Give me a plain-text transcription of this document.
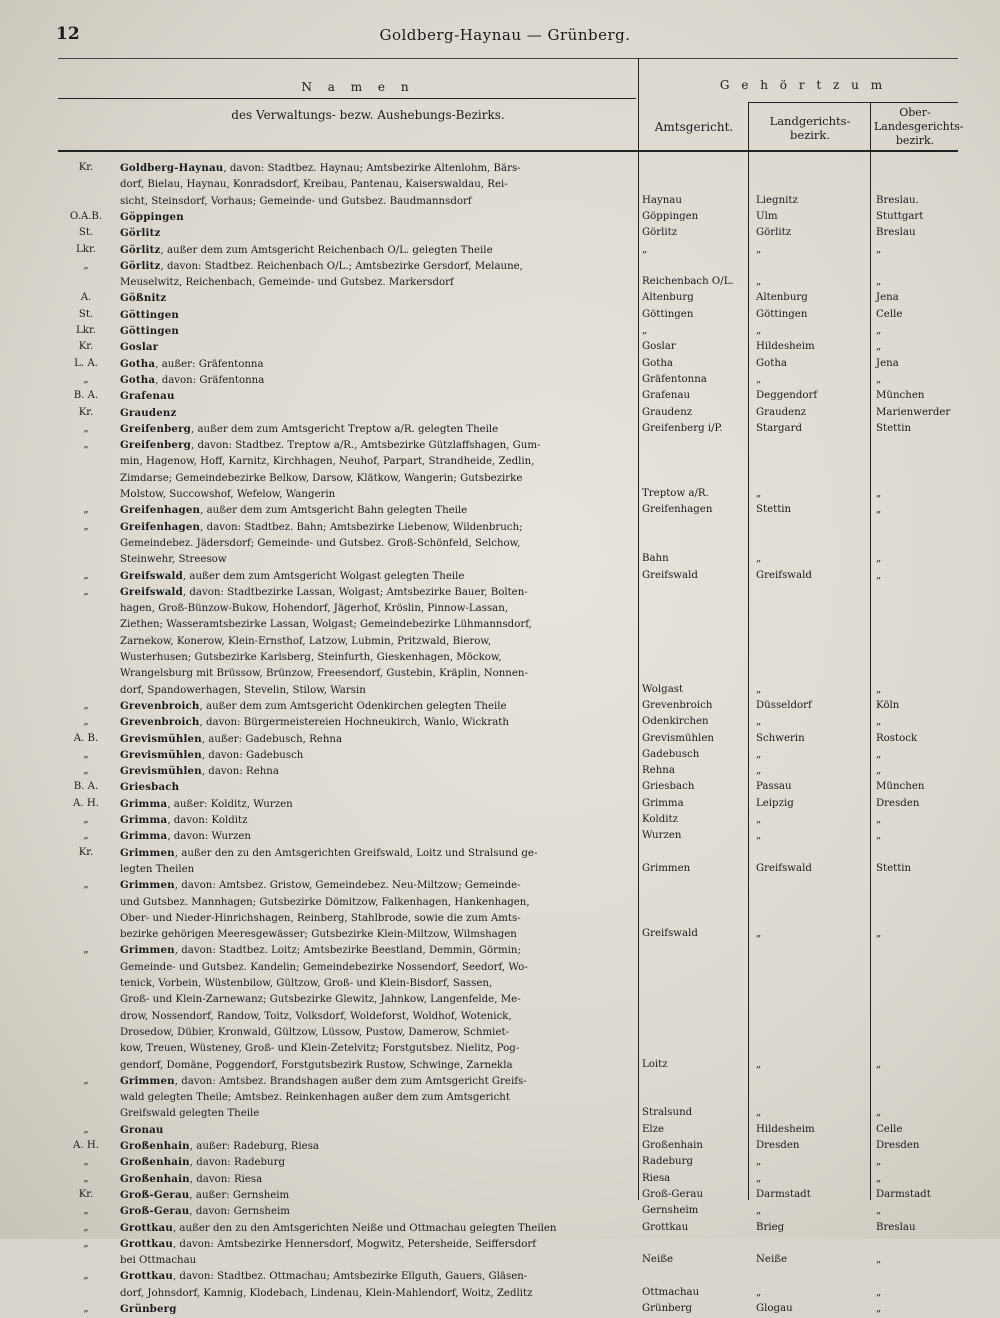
12	Goldberg-Haynau — Grünberg.
N a m e n
des Verwaltungs- bezw. Aushebungs-Bezirks.
G e h ö r t z u m
Amtsgericht.	Landgerichts-bezirk.
Ober-Landesgerichts-bezirk.
Kr.	Goldberg-Haynau, davon: Stadtbez. Haynau; Amtsbezirke Altenlohm, Bärs-
dorf, Bielau, Haynau, Konradsdorf, Kreibau, Pantenau, Kaiserswaldau, Rei-
sicht, Steinsdorf, Vorhaus; Gemeinde- und Gutsbez. Baudmannsdorf	Haynau	Liegnitz	Breslau.
O.A.B.	Göppingen	Göppingen	Ulm	Stuttgart
St.	Görlitz	Görlitz	Görlitz	Breslau
Lkr.	Görlitz, außer dem zum Amtsgericht Reichenbach O/L. gelegten Theile	„	„	„
„	Görlitz, davon: Stadtbez. Reichenbach O/L.; Amtsbezirke Gersdorf, Melaune,
Meuselwitz, Reichenbach, Gemeinde- und Gutsbez. Markersdorf	Reichenbach O/L.	„	„
A.	Gößnitz	Altenburg	Altenburg	Jena
St.	Göttingen	Göttingen	Göttingen	Celle
Lkr.	Göttingen	„	„	„
Kr.	Goslar	Goslar	Hildesheim	„
L. A.	Gotha, außer: Gräfentonna	Gotha	Gotha	Jena
„	Gotha, davon: Gräfentonna	Gräfentonna	„	„
B. A.	Grafenau	Grafenau	Deggendorf	München
Kr.	Graudenz	Graudenz	Graudenz	Marienwerder
„	Greifenberg, außer dem zum Amtsgericht Treptow a/R. gelegten Theile	Greifenberg i/P.	Stargard	Stettin
„	Greifenberg, davon: Stadtbez. Treptow a/R., Amtsbezirke Gützlaffshagen, Gum-
min, Hagenow, Hoff, Karnitz, Kirchhagen, Neuhof, Parpart, Strandheide, Zedlin,
Zimdarse; Gemeindebezirke Belkow, Darsow, Klätkow, Wangerin; Gutsbezirke
Molstow, Succowshof, Wefelow, Wangerin	Treptow a/R.	„	„
„	Greifenhagen, außer dem zum Amtsgericht Bahn gelegten Theile	Greifenhagen	Stettin	„
„	Greifenhagen, davon: Stadtbez. Bahn; Amtsbezirke Liebenow, Wildenbruch;
Gemeindebez. Jädersdorf; Gemeinde- und Gutsbez. Groß-Schönfeld, Selchow,
Steinwehr, Streesow	Bahn	„	„
„	Greifswald, außer dem zum Amtsgericht Wolgast gelegten Theile	Greifswald	Greifswald	„
„	Greifswald, davon: Stadtbezirke Lassan, Wolgast; Amtsbezirke Bauer, Bolten-
hagen, Groß-Bünzow-Bukow, Hohendorf, Jägerhof, Kröslin, Pinnow-Lassan,
Ziethen; Wasseramtsbezirke Lassan, Wolgast; Gemeindebezirke Lühmannsdorf,
Zarnekow, Konerow, Klein-Ernsthof, Latzow, Lubmin, Pritzwald, Bierow,
Wusterhusen; Gutsbezirke Karlsberg, Steinfurth, Gieskenhagen, Möckow,
Wrangelsburg mit Brüssow, Brünzow, Freesendorf, Gustebin, Kräplin, Nonnen-
dorf, Spandowerhagen, Stevelin, Stilow, Warsin	Wolgast	„	„
„	Grevenbroich, außer dem zum Amtsgericht Odenkirchen gelegten Theile	Grevenbroich	Düsseldorf	Köln
„	Grevenbroich, davon: Bürgermeistereien Hochneukirch, Wanlo, Wickrath	Odenkirchen	„	„
A. B.	Grevismühlen, außer: Gadebusch, Rehna	Grevismühlen	Schwerin	Rostock
„	Grevismühlen, davon: Gadebusch	Gadebusch	„	„
„	Grevismühlen, davon: Rehna	Rehna	„	„
B. A.	Griesbach	Griesbach	Passau	München
A. H.	Grimma, außer: Kolditz, Wurzen	Grimma	Leipzig	Dresden
„	Grimma, davon: Kolditz	Kolditz	„	„
„	Grimma, davon: Wurzen	Wurzen	„	„
Kr.	Grimmen, außer den zu den Amtsgerichten Greifswald, Loitz und Stralsund ge-
legten Theilen	Grimmen	Greifswald	Stettin
„	Grimmen, davon: Amtsbez. Gristow, Gemeindebez. Neu-Miltzow; Gemeinde-
und Gutsbez. Mannhagen; Gutsbezirke Dömitzow, Falkenhagen, Hankenhagen,
Ober- und Nieder-Hinrichshagen, Reinberg, Stahlbrode, sowie die zum Amts-
bezirke gehörigen Meeresgewässer; Gutsbezirke Klein-Miltzow, Wilmshagen	Greifswald	„	„
„	Grimmen, davon: Stadtbez. Loitz; Amtsbezirke Beestland, Demmin, Görmin;
Gemeinde- und Gutsbez. Kandelin; Gemeindebezirke Nossendorf, Seedorf, Wo-
tenick, Vorbein, Wüstenbilow, Gültzow, Groß- und Klein-Bisdorf, Sassen,
Groß- und Klein-Zarnewanz; Gutsbezirke Glewitz, Jahnkow, Langenfelde, Me-
drow, Nossendorf, Randow, Toitz, Volksdorf, Woldeforst, Woldhof, Wotenick,
Drosedow, Dübier, Kronwald, Gültzow, Lüssow, Pustow, Damerow, Schmiet-
kow, Treuen, Wüsteney, Groß- und Klein-Zetelvitz; Forstgutsbez. Nielitz, Pog-
gendorf, Domäne, Poggendorf, Forstgutsbezirk Rustow, Schwinge, Zarnekla	Loitz	„	„
„	Grimmen, davon: Amtsbez. Brandshagen außer dem zum Amtsgericht Greifs-
wald gelegten Theile; Amtsbez. Reinkenhagen außer dem zum Amtsgericht
Greifswald gelegten Theile	Stralsund	„	„
„	Gronau	Elze	Hildesheim	Celle
A. H.	Großenhain, außer: Radeburg, Riesa	Großenhain	Dresden	Dresden
„	Großenhain, davon: Radeburg	Radeburg	„	„
„	Großenhain, davon: Riesa	Riesa	„	„
Kr.	Groß-Gerau, außer: Gernsheim	Groß-Gerau	Darmstadt	Darmstadt
„	Groß-Gerau, davon: Gernsheim	Gernsheim	„	„
„	Grottkau, außer den zu den Amtsgerichten Neiße und Ottmachau gelegten Theilen	Grottkau	Brieg	Breslau
„	Grottkau, davon: Amtsbezirke Hennersdorf, Mogwitz, Petersheide, Seiffersdorf
bei Ottmachau	Neiße	Neiße	„
„	Grottkau, davon: Stadtbez. Ottmachau; Amtsbezirke Ellguth, Gauers, Gläsen-
dorf, Johnsdorf, Kamnig, Klodebach, Lindenau, Klein-Mahlendorf, Woitz, Zedlitz	Ottmachau	„	„
„	Grünberg	Grünberg	Glogau	„
